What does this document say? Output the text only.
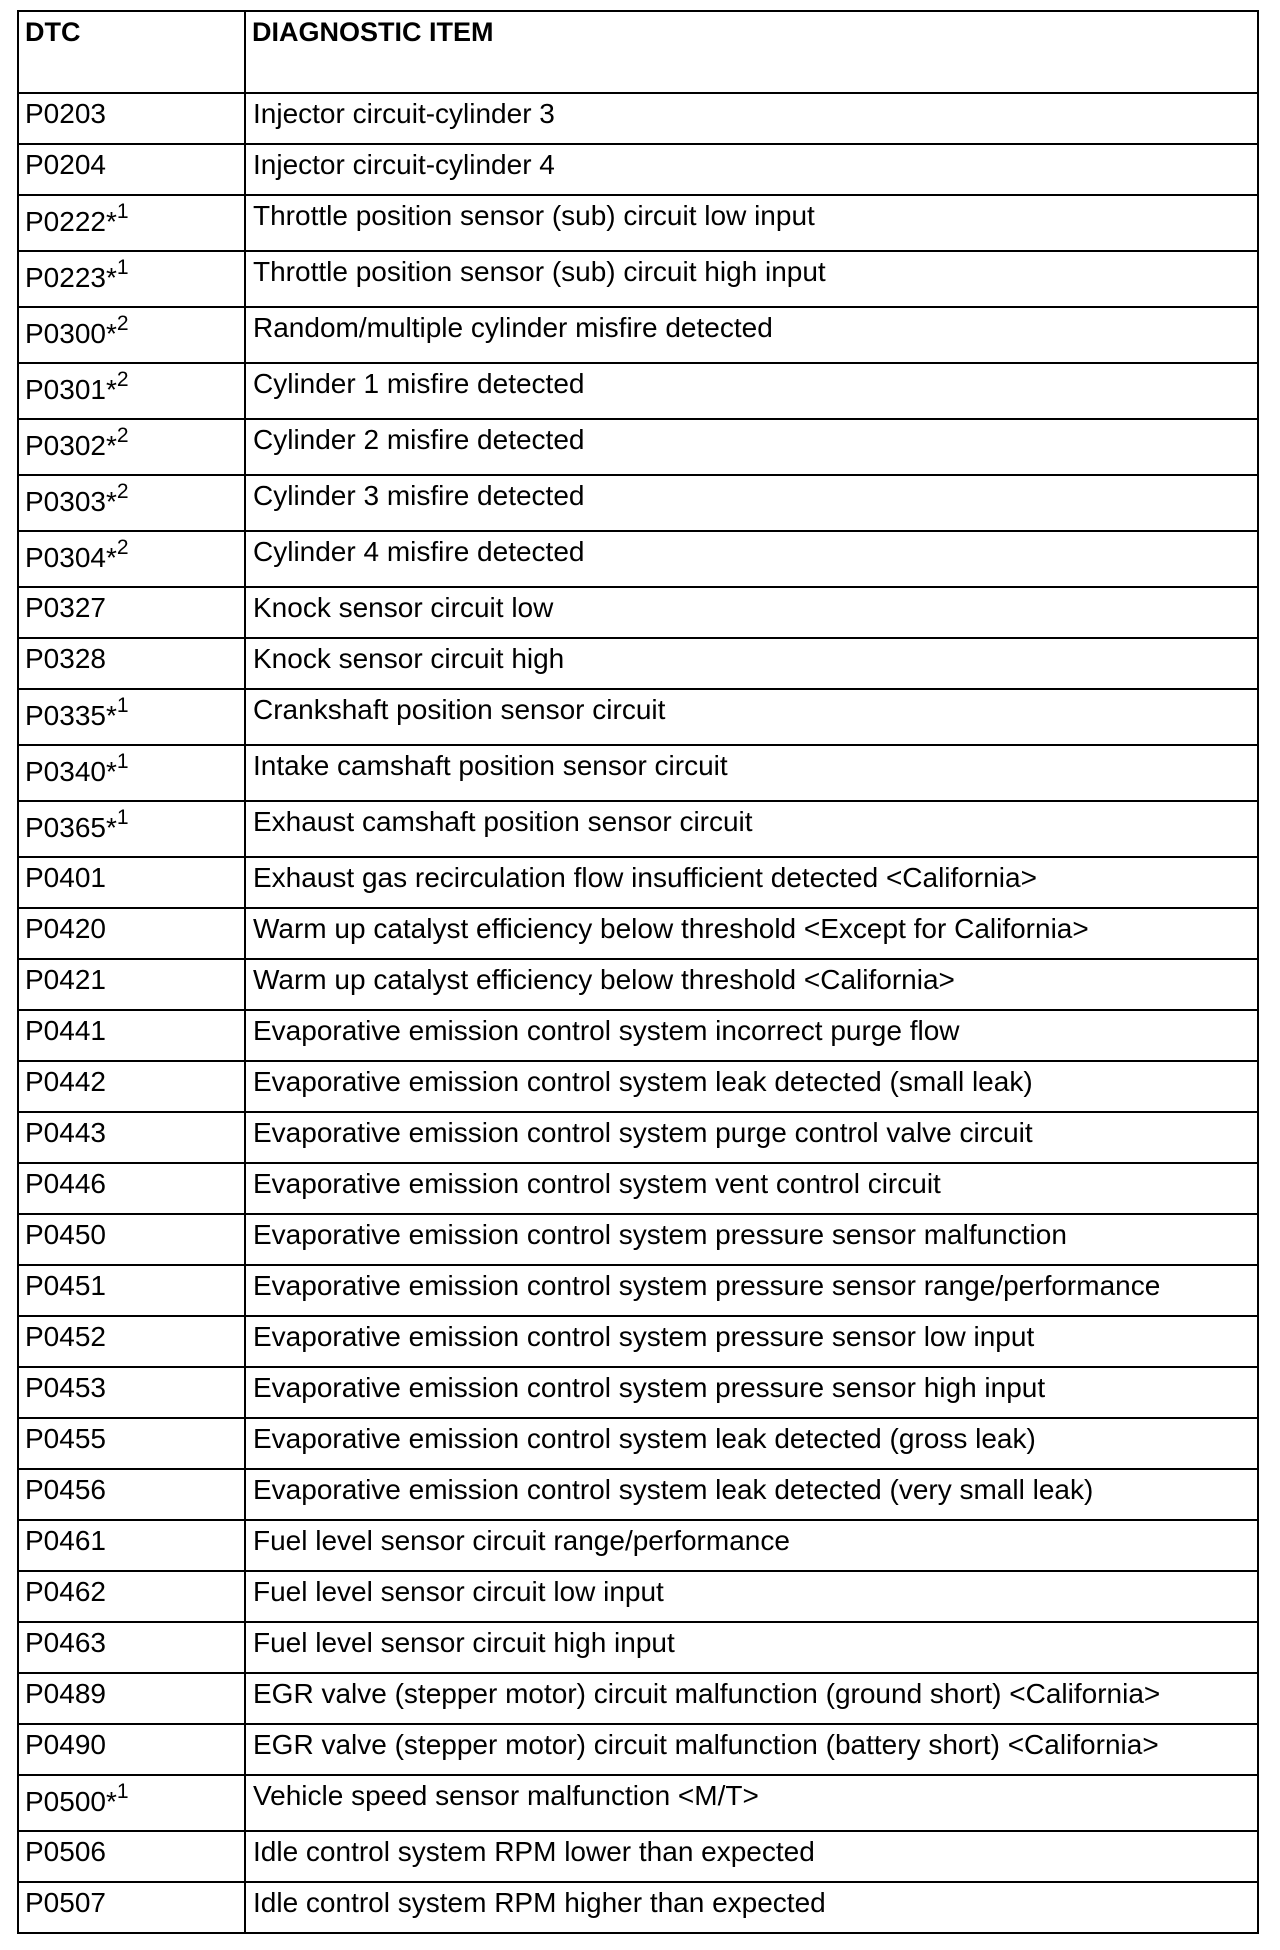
DTC	DIAGNOSTIC ITEM
P0203	Injector circuit-cylinder 3
P0204	Injector circuit-cylinder 4
P0222*$^1$	Throttle position sensor (sub) circuit low input
P0223*$^1$	Throttle position sensor (sub) circuit high input
P0300*$^2$	Random/multiple cylinder misfire detected
P0301*$^2$	Cylinder 1 misfire detected
P0302*$^2$	Cylinder 2 misfire detected
P0303*$^2$	Cylinder 3 misfire detected
P0304*$^2$	Cylinder 4 misfire detected
P0327	Knock sensor circuit low
P0328	Knock sensor circuit high
P0335*$^1$	Crankshaft position sensor circuit
P0340*$^1$	Intake camshaft position sensor circuit
P0365*$^1$	Exhaust camshaft position sensor circuit
P0401	Exhaust gas recirculation flow insufficient detected <California>
P0420	Warm up catalyst efficiency below threshold <Except for California>
P0421	Warm up catalyst efficiency below threshold <California>
P0441	Evaporative emission control system incorrect purge flow
P0442	Evaporative emission control system leak detected (small leak)
P0443	Evaporative emission control system purge control valve circuit
P0446	Evaporative emission control system vent control circuit
P0450	Evaporative emission control system pressure sensor malfunction
P0451	Evaporative emission control system pressure sensor range/performance
P0452	Evaporative emission control system pressure sensor low input
P0453	Evaporative emission control system pressure sensor high input
P0455	Evaporative emission control system leak detected (gross leak)
P0456	Evaporative emission control system leak detected (very small leak)
P0461	Fuel level sensor circuit range/performance
P0462	Fuel level sensor circuit low input
P0463	Fuel level sensor circuit high input
P0489	EGR valve (stepper motor) circuit malfunction (ground short) <California>
P0490	EGR valve (stepper motor) circuit malfunction (battery short) <California>
P0500*$^1$	Vehicle speed sensor malfunction <M/T>
P0506	Idle control system RPM lower than expected
P0507	Idle control system RPM higher than expected
